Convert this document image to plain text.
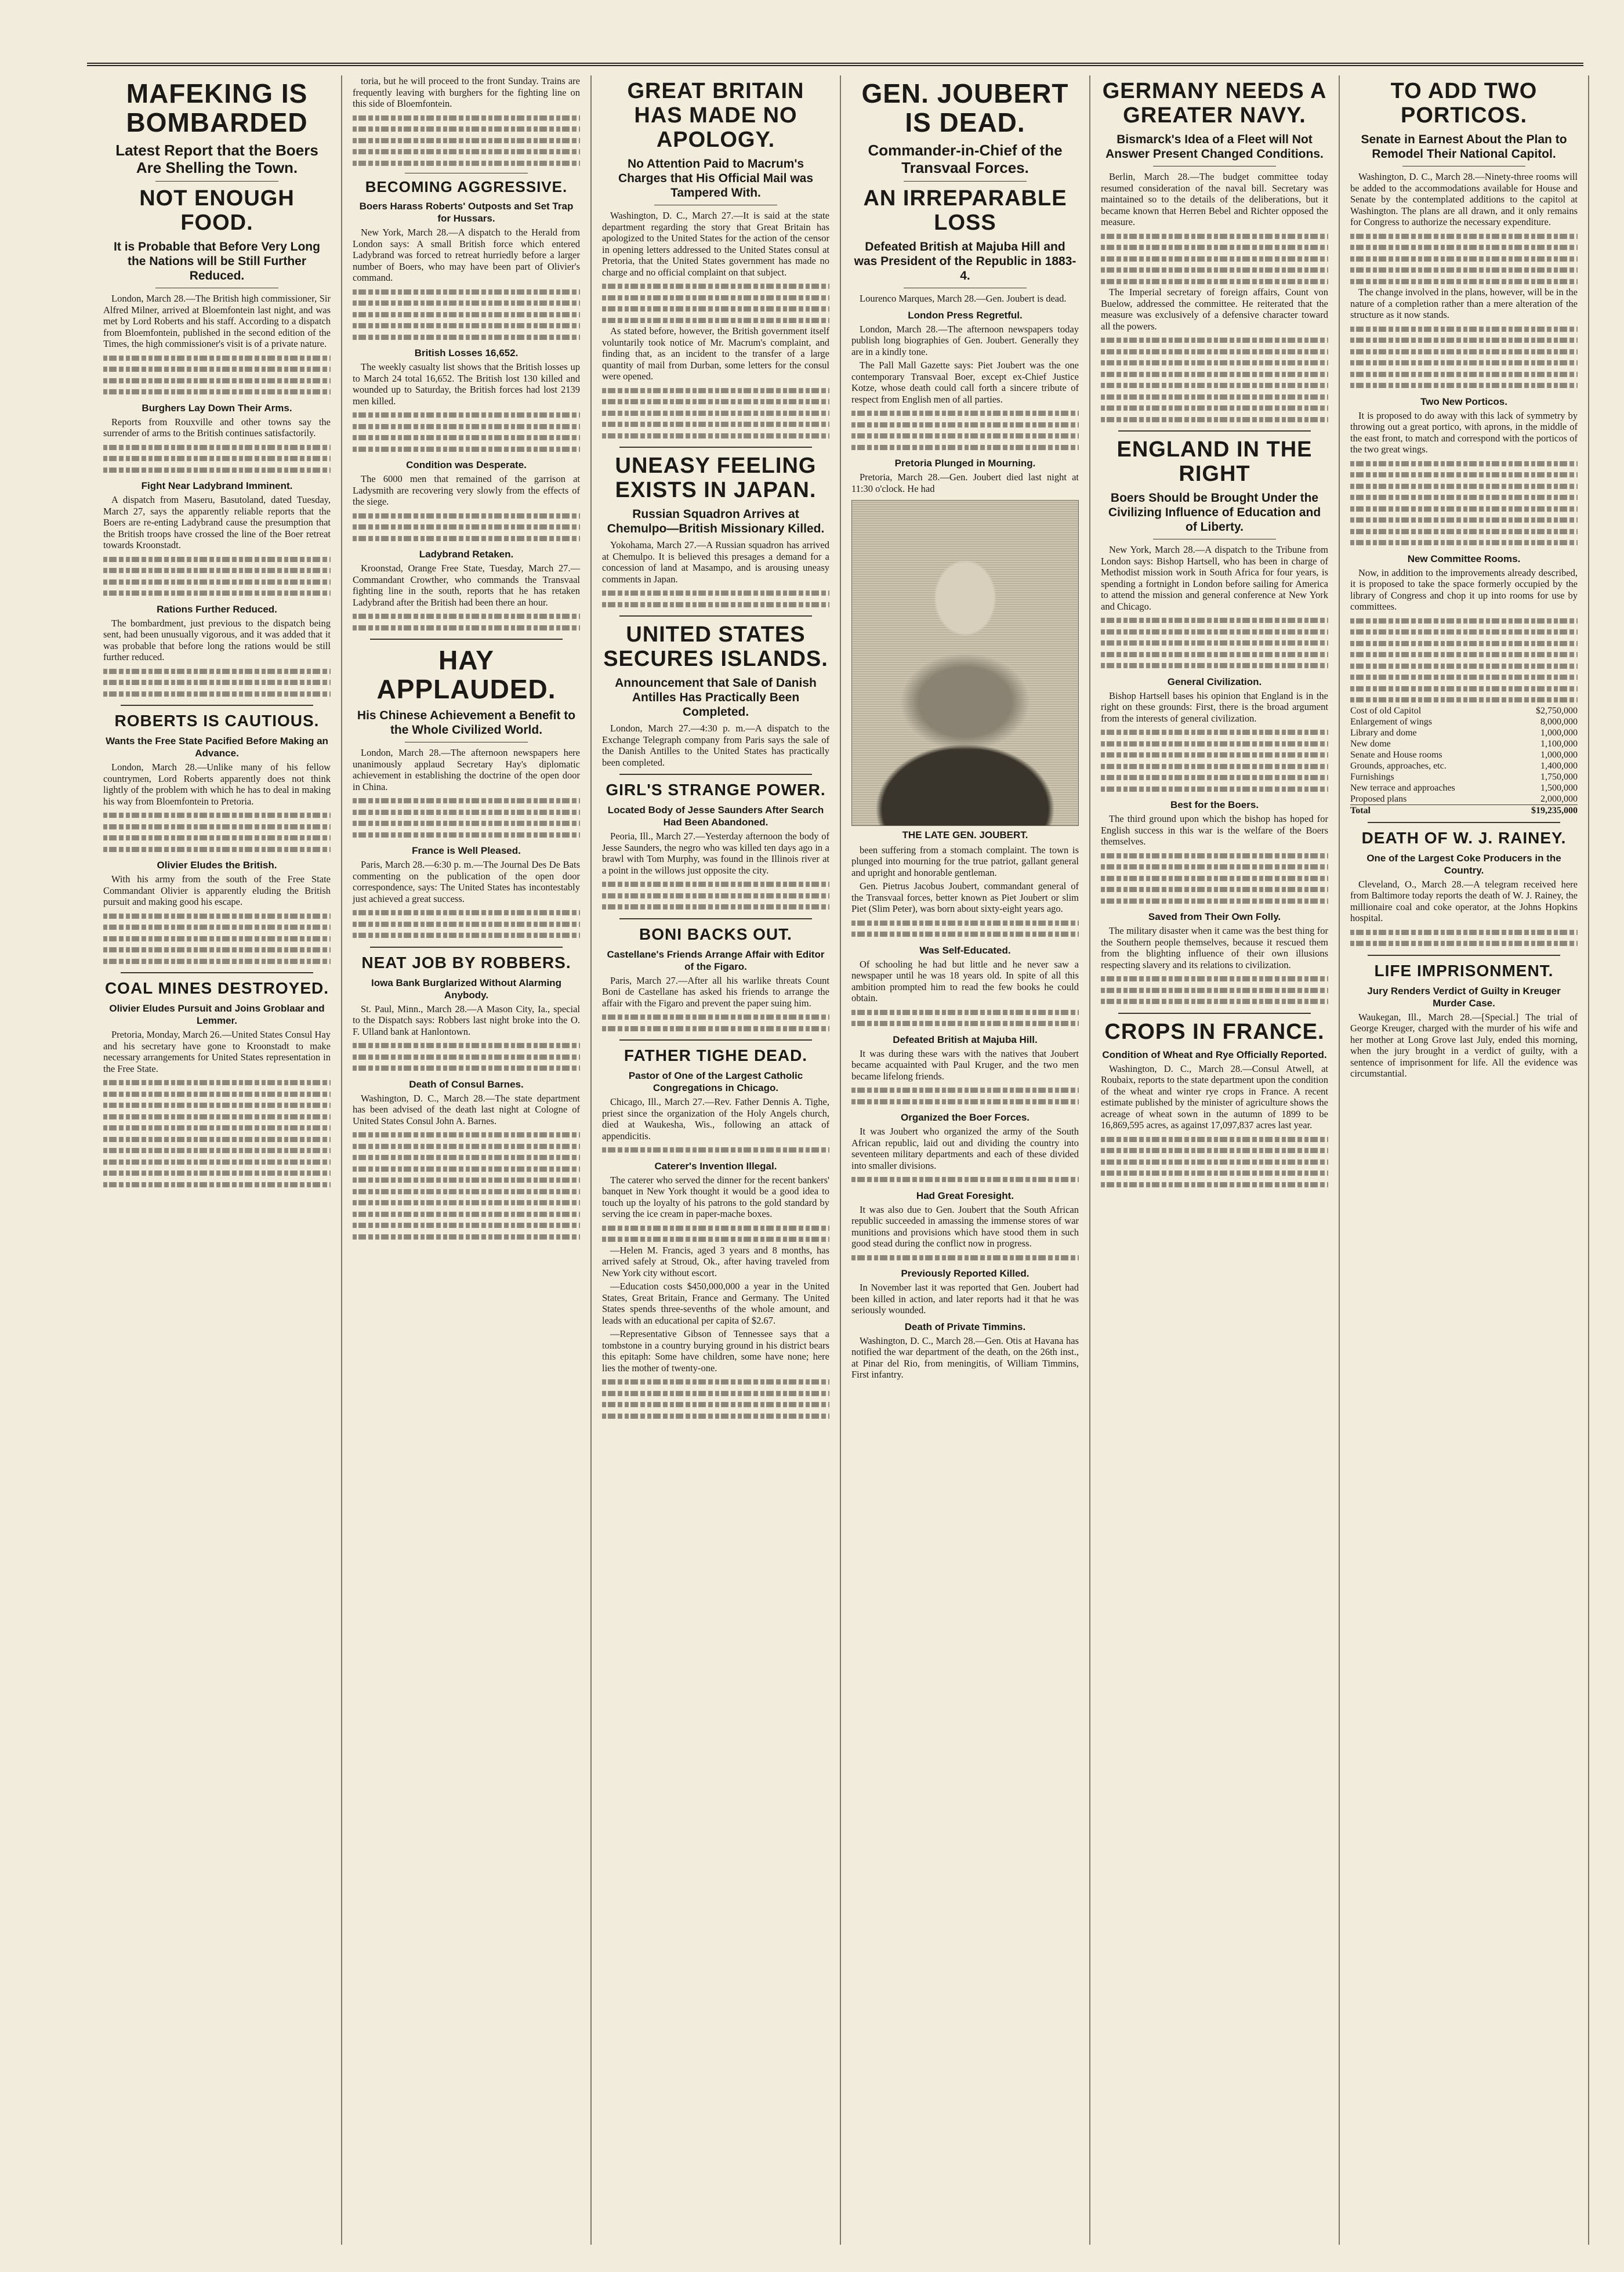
MAFEKING IS BOMBARDED
Latest Report that the Boers Are Shelling the Town.
NOT ENOUGH FOOD.
It is Probable that Before Very Long the Nations will be Still Further Reduced.

London, March 28.—The British high commissioner, Sir Alfred Milner, arrived at Bloemfontein last night, and was met by Lord Roberts and his staff. According to a dispatch from Bloemfontein, published in the second edition of the Times, the high commissioner's visit is of a private nature.

Burghers Lay Down Their Arms.

Reports from Rouxville and other towns say the surrender of arms to the British continues satisfactorily.

Fight Near Ladybrand Imminent.

A dispatch from Maseru, Basutoland, dated Tuesday, March 27, says the apparently reliable reports that the Boers are re-enting Ladybrand cause the presumption that the British troops have crossed the line of the Boer retreat towards Kroonstadt.

Rations Further Reduced.

The bombardment, just previous to the dispatch being sent, had been unusually vigorous, and it was added that it was probable that before long the rations would be still further reduced.

ROBERTS IS CAUTIOUS.
Wants the Free State Pacified Before Making an Advance.

London, March 28.—Unlike many of his fellow countrymen, Lord Roberts apparently does not think lightly of the problem with which he has to deal in making his way from Bloemfontein to Pretoria.

Olivier Eludes the British.

With his army from the south of the Free State Commandant Olivier is apparently eluding the British pursuit and making good his escape.

COAL MINES DESTROYED.
Olivier Eludes Pursuit and Joins Groblaar and Lemmer.

Pretoria, Monday, March 26.—United States Consul Hay and his secretary have gone to Kroonstadt to make necessary arrangements for United States representation in the Free State.

toria, but he will proceed to the front Sunday. Trains are frequently leaving with burghers for the fighting line on this side of Bloemfontein.

BECOMING AGGRESSIVE.
Boers Harass Roberts' Outposts and Set Trap for Hussars.

New York, March 28.—A dispatch to the Herald from London says: A small British force which entered Ladybrand was forced to retreat hurriedly before a larger number of Boers, who may have been part of Olivier's command.

British Losses 16,652.

The weekly casualty list shows that the British losses up to March 24 total 16,652. The British lost 130 killed and wounded up to Saturday, the British forces had lost 2139 men killed.

Condition was Desperate.

The 6000 men that remained of the garrison at Ladysmith are recovering very slowly from the effects of the siege.

Ladybrand Retaken.

Kroonstad, Orange Free State, Tuesday, March 27.—Commandant Crowther, who commands the Transvaal fighting line in the south, reports that he has retaken Ladybrand after the British had been there an hour.

HAY APPLAUDED.
His Chinese Achievement a Benefit to the Whole Civilized World.

London, March 28.—The afternoon newspapers here unanimously applaud Secretary Hay's diplomatic achievement in establishing the doctrine of the open door in China.

France is Well Pleased.

Paris, March 28.—6:30 p. m.—The Journal Des De Bats commenting on the publication of the open door correspondence, says: The United States has incontestably just achieved a great success.

NEAT JOB BY ROBBERS.
Iowa Bank Burglarized Without Alarming Anybody.

St. Paul, Minn., March 28.—A Mason City, Ia., special to the Dispatch says: Robbers last night broke into the O. F. Ulland bank at Hanlontown.

Death of Consul Barnes.

Washington, D. C., March 28.—The state department has been advised of the death last night at Cologne of United States Consul John A. Barnes.

GREAT BRITAIN HAS MADE NO APOLOGY.
No Attention Paid to Macrum's Charges that His Official Mail was Tampered With.

Washington, D. C., March 27.—It is said at the state department regarding the story that Great Britain has apologized to the United States for the action of the censor in opening letters addressed to the United States consul at Pretoria, that the United States government has made no charge and no official complaint on that subject.

As stated before, however, the British government itself voluntarily took notice of Mr. Macrum's complaint, and finding that, as an incident to the transfer of a large quantity of mail from Durban, some letters for the consul were opened.

UNEASY FEELING EXISTS IN JAPAN.
Russian Squadron Arrives at Chemulpo—British Missionary Killed.

Yokohama, March 27.—A Russian squadron has arrived at Chemulpo. It is believed this presages a demand for a concession of land at Masampo, and is arousing uneasy comments in Japan.

UNITED STATES SECURES ISLANDS.
Announcement that Sale of Danish Antilles Has Practically Been Completed.

London, March 27.—4:30 p. m.—A dispatch to the Exchange Telegraph company from Paris says the sale of the Danish Antilles to the United States has practically been completed.

GIRL'S STRANGE POWER.
Located Body of Jesse Saunders After Search Had Been Abandoned.

Peoria, Ill., March 27.—Yesterday afternoon the body of Jesse Saunders, the negro who was killed ten days ago in a brawl with Tom Murphy, was found in the Illinois river at a point in the willows just opposite the city.

BONI BACKS OUT.
Castellane's Friends Arrange Affair with Editor of the Figaro.

Paris, March 27.—After all his warlike threats Count Boni de Castellane has asked his friends to arrange the affair with the Figaro and prevent the paper suing him.

FATHER TIGHE DEAD.
Pastor of One of the Largest Catholic Congregations in Chicago.

Chicago, Ill., March 27.—Rev. Father Dennis A. Tighe, priest since the organization of the Holy Angels church, died at Waukesha, Wis., following an attack of appendicitis.

Caterer's Invention Illegal.

The caterer who served the dinner for the recent bankers' banquet in New York thought it would be a good idea to touch up the loyalty of his patrons to the gold standard by serving the ice cream in paper-mache boxes.

—Helen M. Francis, aged 3 years and 8 months, has arrived safely at Stroud, Ok., after having traveled from New York city without escort.

—Education costs $450,000,000 a year in the United States, Great Britain, France and Germany. The United States spends three-sevenths of the whole amount, and leads with an educational per capita of $2.67.

—Representative Gibson of Tennessee says that a tombstone in a country burying ground in his district bears this epitaph: Some have children, some have none; here lies the mother of twenty-one.

GEN. JOUBERT IS DEAD.
Commander-in-Chief of the Transvaal Forces.
AN IRREPARABLE LOSS
Defeated British at Majuba Hill and was President of the Republic in 1883-4.

Lourenco Marques, March 28.—Gen. Joubert is dead.

London Press Regretful.

London, March 28.—The afternoon newspapers today publish long biographies of Gen. Joubert. Generally they are in a kindly tone.

The Pall Mall Gazette says: Piet Joubert was the one contemporary Transvaal Boer, except ex-Chief Justice Kotze, whose death could call forth a sincere tribute of respect from English men of all parties.

Pretoria Plunged in Mourning.

Pretoria, March 28.—Gen. Joubert died last night at 11:30 o'clock. He had

THE LATE GEN. JOUBERT.

been suffering from a stomach complaint. The town is plunged into mourning for the true patriot, gallant general and upright and honorable gentleman.

Gen. Pietrus Jacobus Joubert, commandant general of the Transvaal forces, better known as Piet Joubert or slim Piet (Slim Peter), was born about sixty-eight years ago.

Was Self-Educated.

Of schooling he had but little and he never saw a newspaper until he was 18 years old. In spite of all this ambition prompted him to read the few books he could obtain.

Defeated British at Majuba Hill.

It was during these wars with the natives that Joubert became acquainted with Paul Kruger, and the two men became lifelong friends.

Organized the Boer Forces.

It was Joubert who organized the army of the South African republic, laid out and dividing the country into seventeen military departments and each of these divided into smaller divisions.

Had Great Foresight.

It was also due to Gen. Joubert that the South African republic succeeded in amassing the immense stores of war munitions and provisions which have stood them in such good stead during the conflict now in progress.

Previously Reported Killed.

In November last it was reported that Gen. Joubert had been killed in action, and later reports had it that he was seriously wounded.

Death of Private Timmins.

Washington, D. C., March 28.—Gen. Otis at Havana has notified the war department of the death, on the 26th inst., at Pinar del Rio, from meningitis, of William Timmins, First infantry.

GERMANY NEEDS A GREATER NAVY.
Bismarck's Idea of a Fleet will Not Answer Present Changed Conditions.

Berlin, March 28.—The budget committee today resumed consideration of the naval bill. Secretary was maintained so to the details of the deliberations, but it became known that Herren Bebel and Richter opposed the measure.

The Imperial secretary of foreign affairs, Count von Buelow, addressed the committee. He reiterated that the measure was exclusively of a defensive character toward all the powers.

ENGLAND IN THE RIGHT
Boers Should be Brought Under the Civilizing Influence of Education and of Liberty.

New York, March 28.—A dispatch to the Tribune from London says: Bishop Hartsell, who has been in charge of Methodist mission work in South Africa for four years, is spending a fortnight in London before sailing for America to attend the mission and general conference at New York and Chicago.

General Civilization.

Bishop Hartsell bases his opinion that England is in the right on these grounds: First, there is the broad argument from the interests of general civilization.

Best for the Boers.

The third ground upon which the bishop has hoped for English success in this war is the welfare of the Boers themselves.

Saved from Their Own Folly.

The military disaster when it came was the best thing for the Southern people themselves, because it rescued them from the blighting influence of their own illusions respecting slavery and its relations to civilization.

CROPS IN FRANCE.
Condition of Wheat and Rye Officially Reported.

Washington, D. C., March 28.—Consul Atwell, at Roubaix, reports to the state department upon the condition of the wheat and winter rye crops in France. A recent estimate published by the minister of agriculture shows the acreage of wheat sown in the autumn of 1899 to be 16,869,595 acres, as against 17,097,837 acres last year.

TO ADD TWO PORTICOS.
Senate in Earnest About the Plan to Remodel Their National Capitol.

Washington, D. C., March 28.—Ninety-three rooms will be added to the accommodations available for House and Senate by the contemplated additions to the capitol at Washington. The plans are all drawn, and it only remains for Congress to authorize the necessary expenditure.

The change involved in the plans, however, will be in the nature of a completion rather than a mere alteration of the structure as it now stands.

Two New Porticos.

It is proposed to do away with this lack of symmetry by throwing out a great portico, with aprons, in the middle of the east front, to match and correspond with the porticos of the two great wings.

New Committee Rooms.

Now, in addition to the improvements already described, it is proposed to take the space formerly occupied by the library of Congress and chop it up into rooms for use by committees.

Cost of old Capitol	$2,750,000
Enlargement of wings	8,000,000
Library and dome	1,000,000
New dome	1,100,000
Senate and House rooms	1,000,000
Grounds, approaches, etc.	1,400,000
Furnishings	1,750,000
New terrace and approaches	1,500,000
Proposed plans	2,000,000
Total	$19,235,000
DEATH OF W. J. RAINEY.
One of the Largest Coke Producers in the Country.

Cleveland, O., March 28.—A telegram received here from Baltimore today reports the death of W. J. Rainey, the millionaire coal and coke operator, at the Johns Hopkins hospital.

LIFE IMPRISONMENT.
Jury Renders Verdict of Guilty in Kreuger Murder Case.

Waukegan, Ill., March 28.—[Special.] The trial of George Kreuger, charged with the murder of his wife and her mother at Long Grove last July, ended this morning, when the jury brought in a verdict of guilty, with a sentence of imprisonment for life. All the evidence was circumstantial.
